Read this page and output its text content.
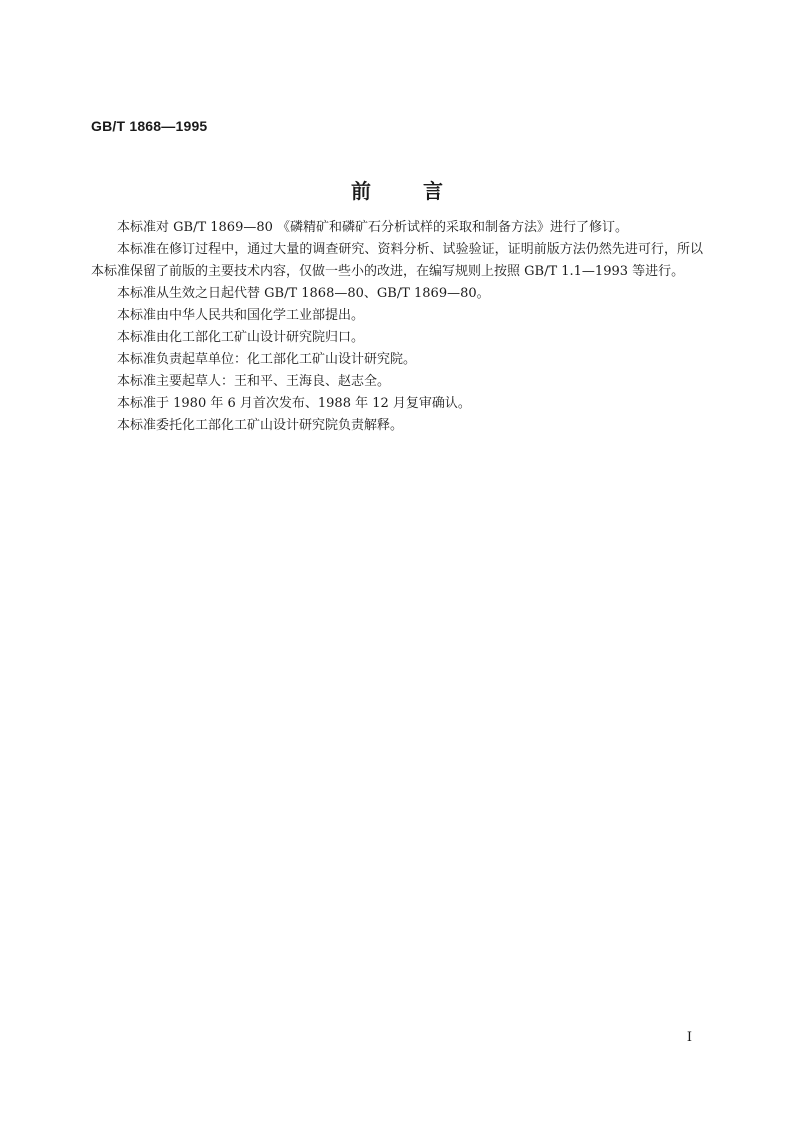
GB/T 1868—1995
前	言

本标准对 GB/T 1869—80 《磷精矿和磷矿石分析试样的采取和制备方法》进行了修订。

本标准在修订过程中，通过大量的调查研究、资料分析、试验验证，证明前版方法仍然先进可行，所以本标准保留了前版的主要技术内容，仅做一些小的改进，在编写规则上按照 GB/T 1.1—1993 等进行。

本标准从生效之日起代替 GB/T 1868—80、GB/T 1869—80。

本标准由中华人民共和国化学工业部提出。

本标准由化工部化工矿山设计研究院归口。

本标准负责起草单位：化工部化工矿山设计研究院。

本标准主要起草人：王和平、王海良、赵志全。

本标准于 1980 年 6 月首次发布、1988 年 12 月复审确认。

本标准委托化工部化工矿山设计研究院负责解释。

I
